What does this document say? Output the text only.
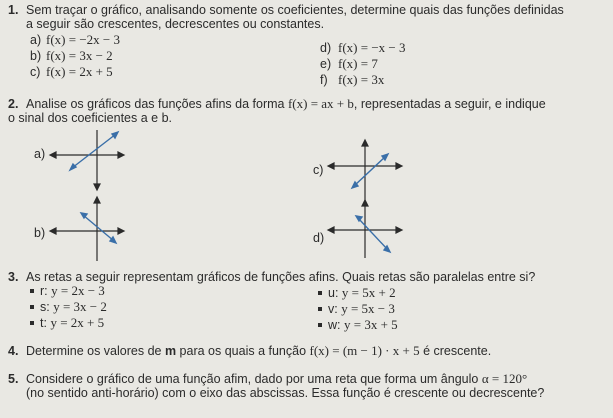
1. Sem traçar o gráfico, analisando somente os coeficientes, determine quais das funções definidas
a seguir são crescentes, decrescentes ou constantes.
a) f(x) = −2x − 3
b) f(x) = 3x − 2
c) f(x) = 2x + 5
d) f(x) = −x − 3
e) f(x) = 7
f) f(x) = 3x
2. Analise os gráficos das funções afins da forma f(x) = ax + b, representadas a seguir, e indique
o sinal dos coeficientes a e b.
a)
b)
c)
d)
3. As retas a seguir representam gráficos de funções afins. Quais retas são paralelas entre si?
r: y = 2x − 3
s: y = 3x − 2
t: y = 2x + 5
u: y = 5x + 2
v: y = 5x − 3
w: y = 3x + 5
4. Determine os valores de m para os quais a função f(x) = (m − 1) · x + 5 é crescente.
5. Considere o gráfico de uma função afim, dado por uma reta que forma um ângulo α = 120°
(no sentido anti-horário) com o eixo das abscissas. Essa função é crescente ou decrescente?
